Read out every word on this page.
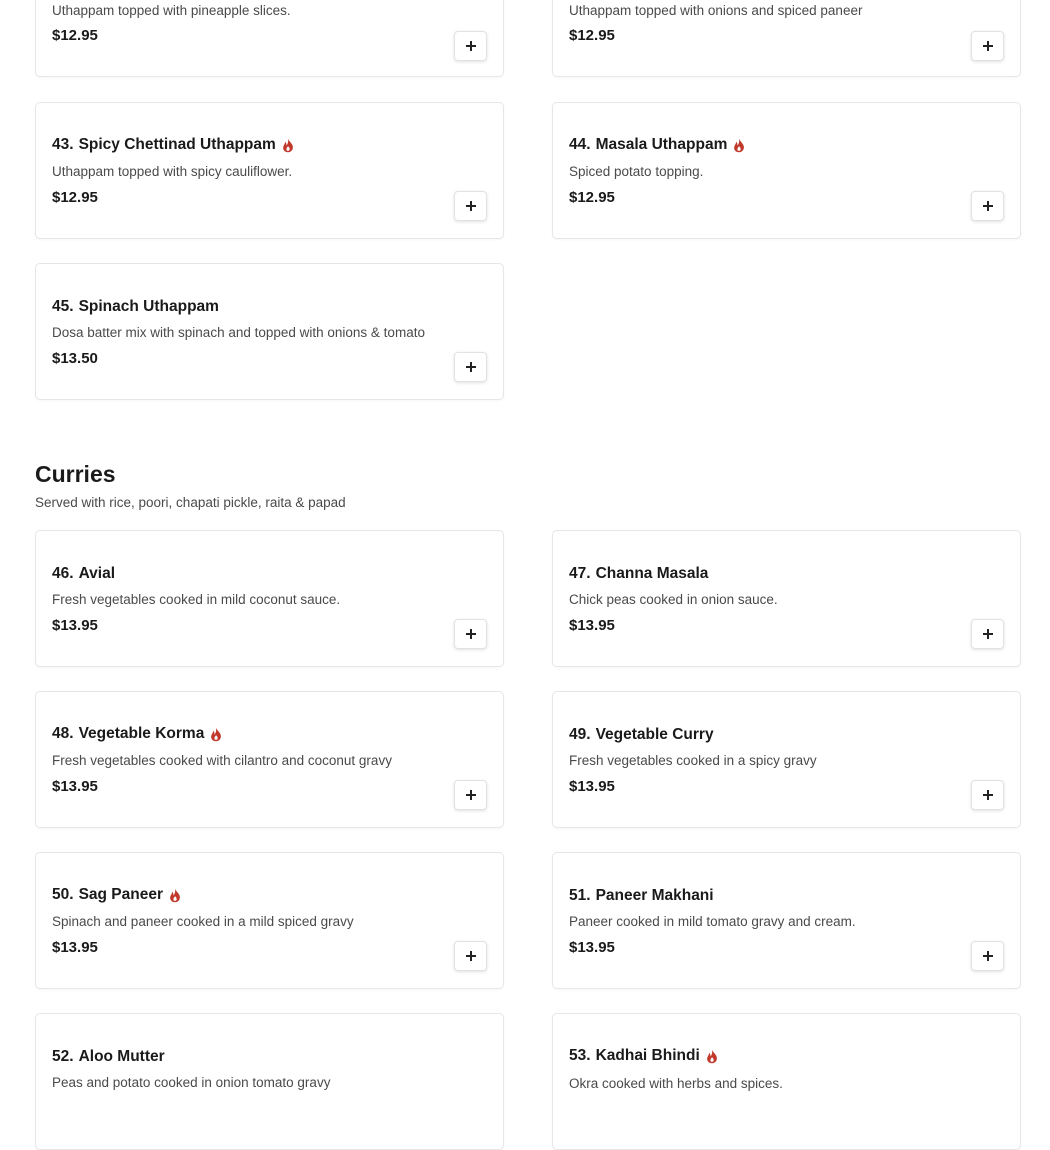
Uthappam topped with pineapple slices.
$12.95
Uthappam topped with onions and spiced paneer
$12.95
43. Spicy Chettinad Uthappam
Uthappam topped with spicy cauliflower.
$12.95
44. Masala Uthappam
Spiced potato topping.
$12.95
45. Spinach Uthappam
Dosa batter mix with spinach and topped with onions & tomato
$13.50
Curries
Served with rice, poori, chapati pickle, raita & papad
46. Avial
Fresh vegetables cooked in mild coconut sauce.
$13.95
47. Channa Masala
Chick peas cooked in onion sauce.
$13.95
48. Vegetable Korma
Fresh vegetables cooked with cilantro and coconut gravy
$13.95
49. Vegetable Curry
Fresh vegetables cooked in a spicy gravy
$13.95
50. Sag Paneer
Spinach and paneer cooked in a mild spiced gravy
$13.95
51. Paneer Makhani
Paneer cooked in mild tomato gravy and cream.
$13.95
52. Aloo Mutter
Peas and potato cooked in onion tomato gravy
53. Kadhai Bhindi
Okra cooked with herbs and spices.
